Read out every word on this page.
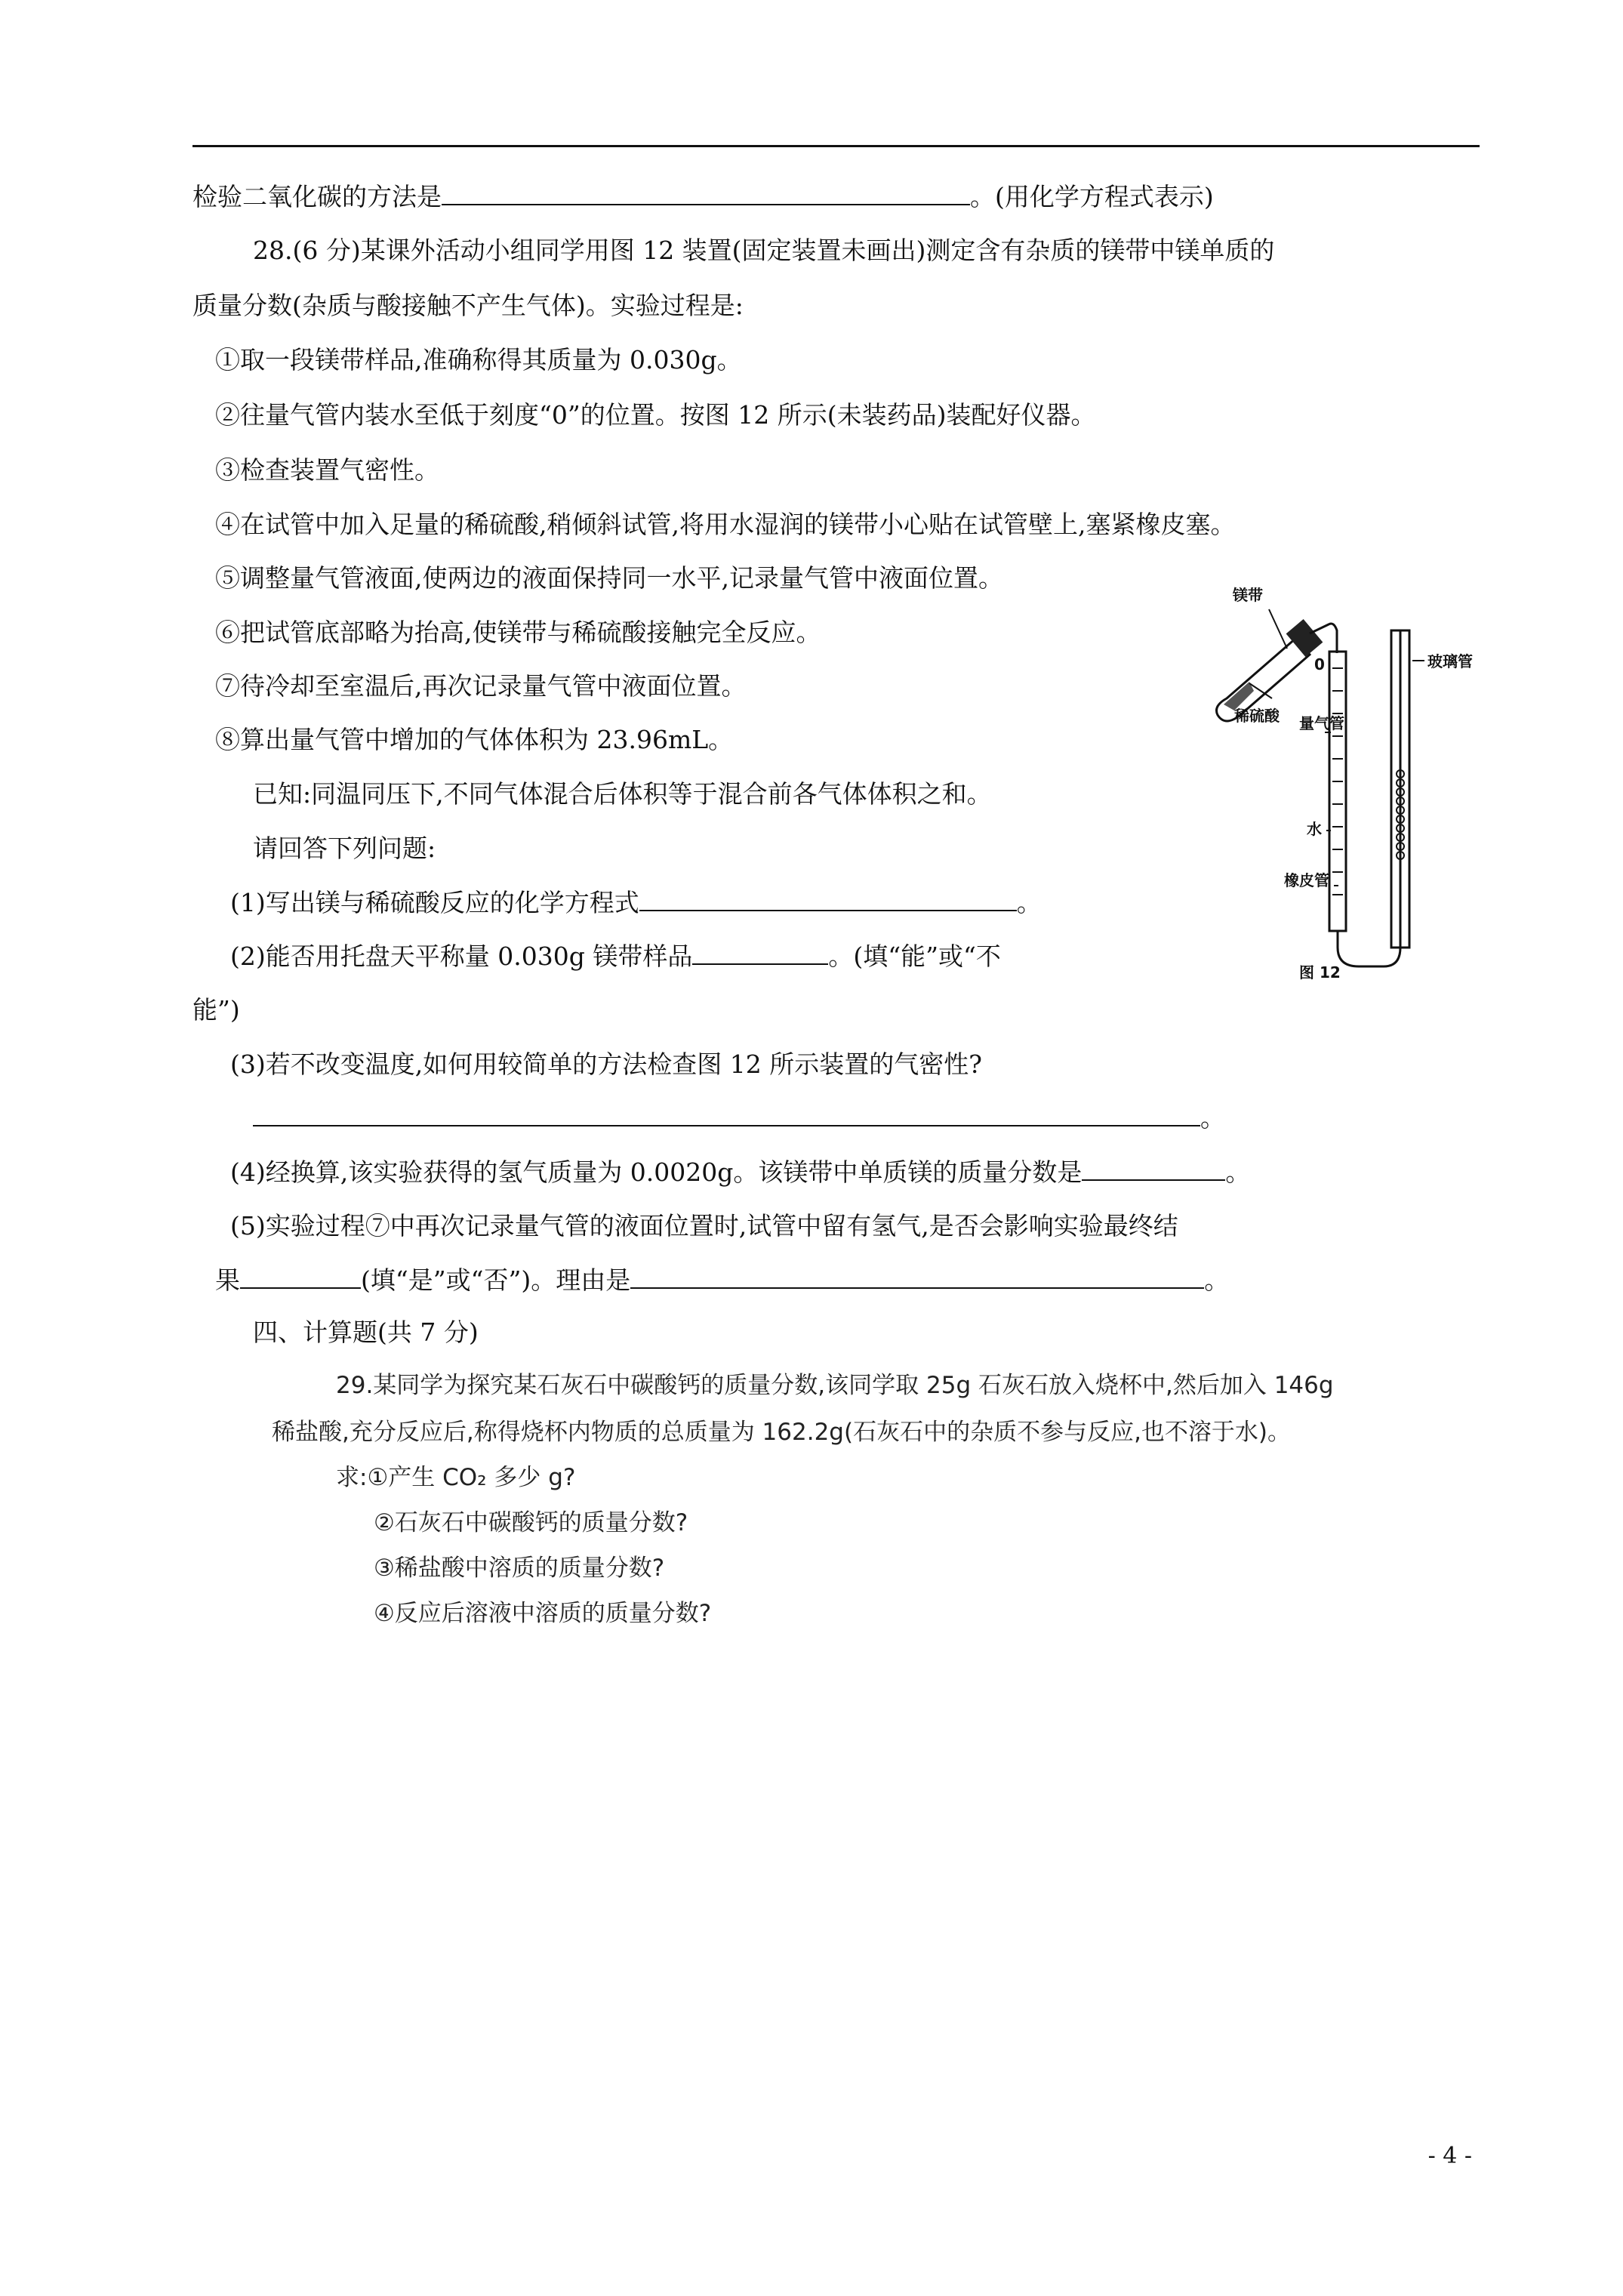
检验二氧化碳的方法是	。(用化学方程式表示)
28.(6 分)某课外活动小组同学用图 12 装置(固定装置未画出)测定含有杂质的镁带中镁单质的
质量分数(杂质与酸接触不产生气体)。实验过程是:
①取一段镁带样品,准确称得其质量为 0.030g。
②往量气管内装水至低于刻度“0”的位置。按图 12 所示(未装药品)装配好仪器。
③检查装置气密性。
④在试管中加入足量的稀硫酸,稍倾斜试管,将用水湿润的镁带小心贴在试管壁上,塞紧橡皮塞。
⑤调整量气管液面,使两边的液面保持同一水平,记录量气管中液面位置。
⑥把试管底部略为抬高,使镁带与稀硫酸接触完全反应。
⑦待冷却至室温后,再次记录量气管中液面位置。
⑧算出量气管中增加的气体体积为 23.96mL。
已知:同温同压下,不同气体混合后体积等于混合前各气体体积之和。
请回答下列问题:
(1)写出镁与稀硫酸反应的化学方程式	。
(2)能否用托盘天平称量 0.030g 镁带样品	。(填“能”或“不
能”)
(3)若不改变温度,如何用较简单的方法检查图 12 所示装置的气密性?
。
(4)经换算,该实验获得的氢气质量为 0.0020g。该镁带中单质镁的质量分数是	。
(5)实验过程⑦中再次记录量气管的液面位置时,试管中留有氢气,是否会影响实验最终结
果	(填“是”或“否”)。理由是	。
四、计算题(共 7 分)
29.某同学为探究某石灰石中碳酸钙的质量分数,该同学取 25g 石灰石放入烧杯中,然后加入 146g
稀盐酸,充分反应后,称得烧杯内物质的总质量为 162.2g(石灰石中的杂质不参与反应,也不溶于水)。
求:①产生 CO₂ 多少 g?
②石灰石中碳酸钙的质量分数?
③稀盐酸中溶质的质量分数?
④反应后溶液中溶质的质量分数?
镁带
稀硫酸
0
量气管
水
橡皮管
玻璃管
图 12
- 4 -
